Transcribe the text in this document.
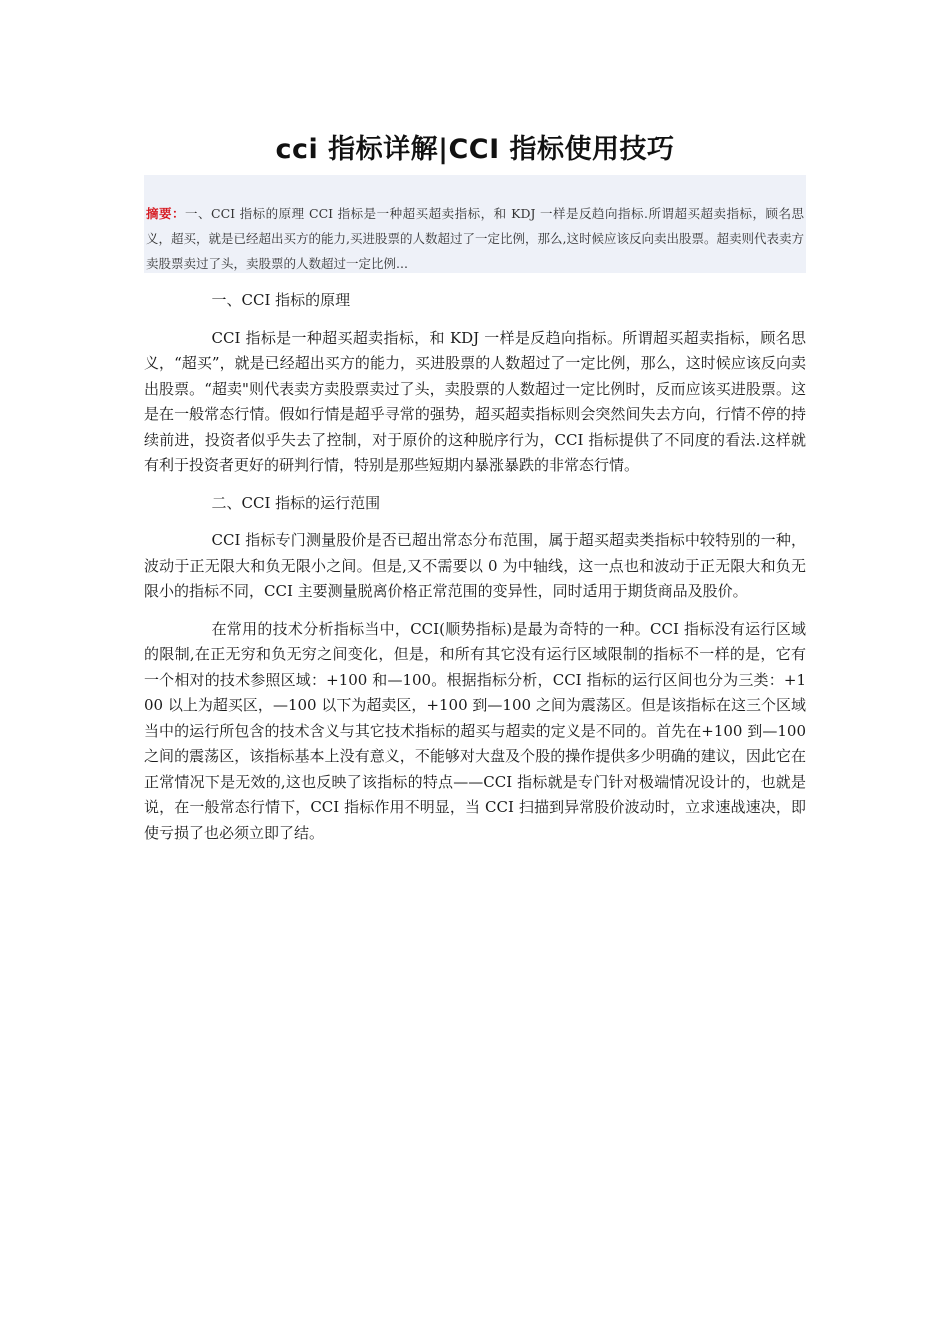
cci 指标详解|CCI 指标使用技巧
摘要：一、CCI 指标的原理 CCI 指标是一种超买超卖指标，和 KDJ 一样是反趋向指标.所谓超买超卖指标，顾名思义，超买，就是已经超出买方的能力,买进股票的人数超过了一定比例，那么,这时候应该反向卖出股票。超卖则代表卖方卖股票卖过了头，卖股票的人数超过一定比例...

一、CCI 指标的原理

CCI 指标是一种超买超卖指标，和 KDJ 一样是反趋向指标。所谓超买超卖指标，顾名思义，“超买”，就是已经超出买方的能力，买进股票的人数超过了一定比例，那么，这时候应该反向卖出股票。“超卖"则代表卖方卖股票卖过了头，卖股票的人数超过一定比例时，反而应该买进股票。这是在一般常态行情。假如行情是超乎寻常的强势，超买超卖指标则会突然间失去方向，行情不停的持续前进，投资者似乎失去了控制，对于原价的这种脱序行为，CCI 指标提供了不同度的看法.这样就有利于投资者更好的研判行情，特别是那些短期内暴涨暴跌的非常态行情。

二、CCI 指标的运行范围

CCI 指标专门测量股价是否已超出常态分布范围，属于超买超卖类指标中较特别的一种，波动于正无限大和负无限小之间。但是,又不需要以 0 为中轴线，这一点也和波动于正无限大和负无限小的指标不同，CCI 主要测量脱离价格正常范围的变异性，同时适用于期货商品及股价。

在常用的技术分析指标当中，CCI(顺势指标)是最为奇特的一种。CCI 指标没有运行区域的限制,在正无穷和负无穷之间变化，但是，和所有其它没有运行区域限制的指标不一样的是，它有一个相对的技术参照区域：+100 和—100。根据指标分析，CCI 指标的运行区间也分为三类：+100 以上为超买区，—100 以下为超卖区，+100 到—100 之间为震荡区。但是该指标在这三个区域当中的运行所包含的技术含义与其它技术指标的超买与超卖的定义是不同的。首先在+100 到—100 之间的震荡区，该指标基本上没有意义，不能够对大盘及个股的操作提供多少明确的建议，因此它在正常情况下是无效的,这也反映了该指标的特点——CCI 指标就是专门针对极端情况设计的，也就是说，在一般常态行情下，CCI 指标作用不明显，当 CCI 扫描到异常股价波动时，立求速战速决，即使亏损了也必须立即了结。
